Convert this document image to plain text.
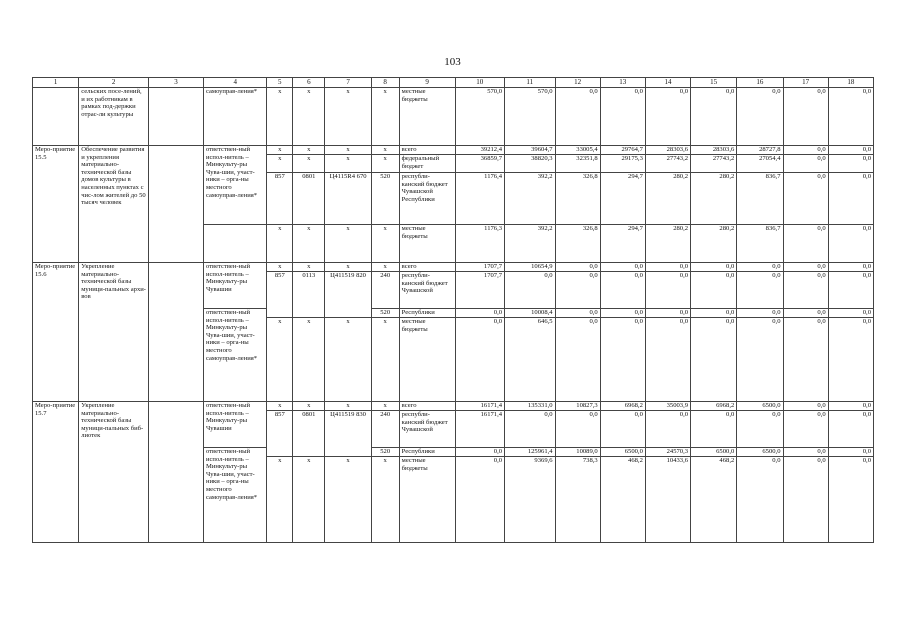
103
1	2	3	4	5	6	7	8	9	10	11	12	13	14	15	16	17	18
	сельских посе-лений, и их работникам в рамках под-держки отрас-ли культуры		самоуправ-ления*	х	х	х	х	местные бюджеты	570,0	570,0	0,0	0,0	0,0	0,0	0,0	0,0	0,0
Меро-приятие 15.5	Обеспечение развития и укрепления материально-технической базы домов культуры в населенных пунктах с чис-лом жителей до 50 тысяч человек		ответствен-ный испол-нитель – Минкульту-ры Чува-шии, участ-ники – орга-ны местного самоуправ-ления*	х	х	х	х	всего	39212,4	39604,7	33005,4	29764,7	28303,6	28303,6	28727,8	0,0	0,0
				х	х	х	х	федеральный бюджет	36859,7	38820,3	32351,8	29175,3	27743,2	27743,2	27054,4	0,0	0,0
				857	0801	Ц4115R4 670	520	республи-канский бюджет Чувашской Республики	1176,4	392,2	326,8	294,7	280,2	280,2	836,7	0,0	0,0
				х	х	х	х	местные бюджеты	1176,3	392,2	326,8	294,7	280,2	280,2	836,7	0,0	0,0
Меро-приятие 15.6	Укрепление материально-технической базы муници-пальных архи-вов		ответствен-ный испол-нитель – Минкульту-ры Чувашии	х	х	х	х	всего	1707,7	10654,9	0,0	0,0	0,0	0,0	0,0	0,0	0,0
				857	0113	Ц411519 820	240	республи-канский бюджет Чувашской	1707,7	0,0	0,0	0,0	0,0	0,0	0,0	0,0	0,0
			ответствен-ный испол-нитель – Минкульту-ры Чува-шии, участ-ники – орга-ны местного самоуправ-ления*				520	Республики	0,0	10008,4	0,0	0,0	0,0	0,0	0,0	0,0	0,0
				х	х	х	х	местные бюджеты	0,0	646,5	0,0	0,0	0,0	0,0	0,0	0,0	0,0
Меро-приятие 15.7	Укрепление материально-технической базы муници-пальных биб-лиотек		ответствен-ный испол-нитель – Минкульту-ры Чувашии	х	х	х	х	всего	16171,4	135331,0	10827,3	6968,2	35003,9	6968,2	6500,0	0,0	0,0
				857	0801	Ц411519 830	240	республи-канский бюджет Чувашской	16171,4	0,0	0,0	0,0	0,0	0,0	0,0	0,0	0,0
			ответствен-ный испол-нитель – Минкульту-ры Чува-шии, участ-ники – орга-ны местного самоуправ-ления*				520	Республики	0,0	125961,4	10089,0	6500,0	24570,3	6500,0	6500,0	0,0	0,0
				х	х	х	х	местные бюджеты	0,0	9369,6	738,3	468,2	10433,6	468,2	0,0	0,0	0,0
